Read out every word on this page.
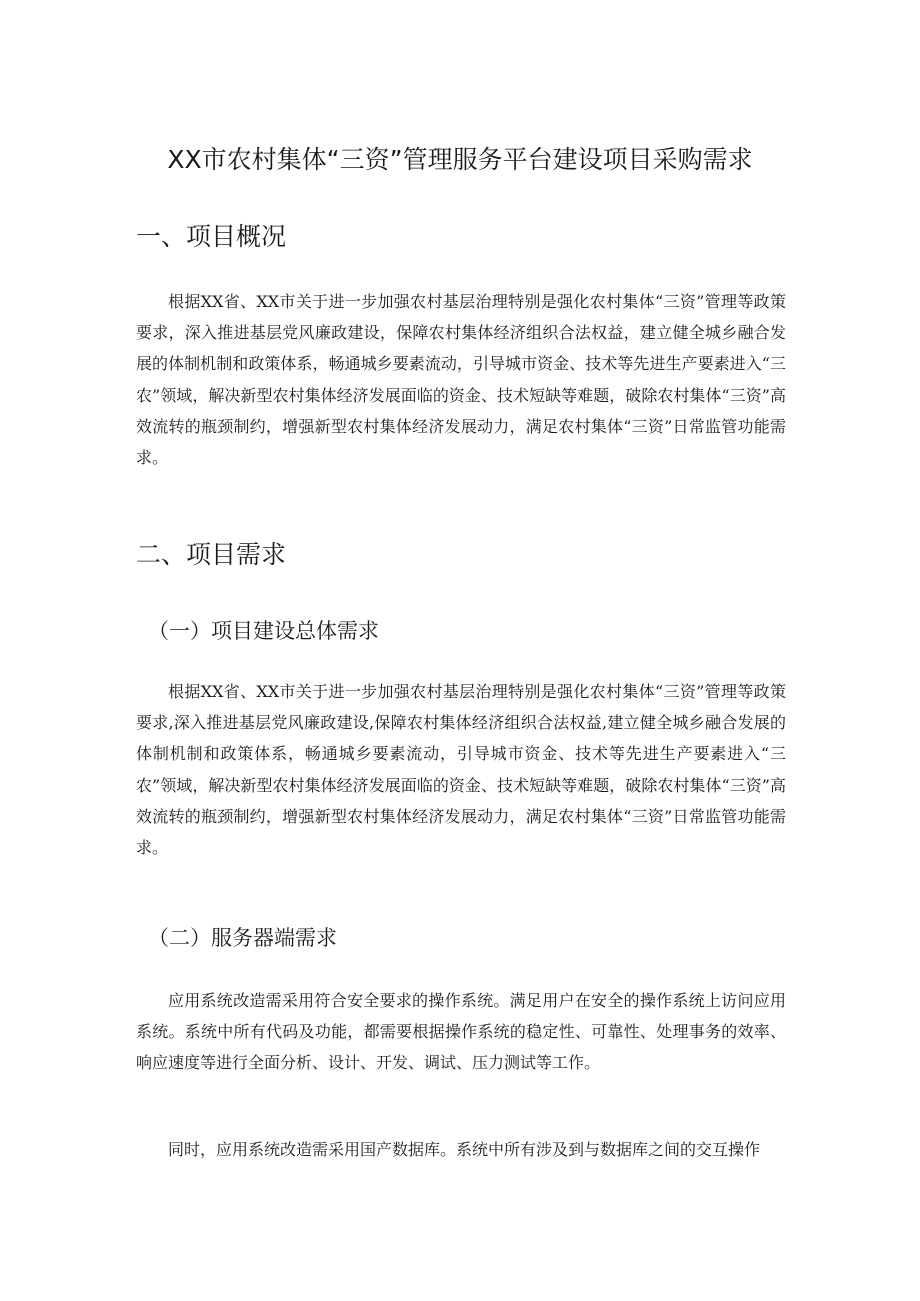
XX市农村集体“三资”管理服务平台建设项目采购需求
一、项目概况

根据XX省、XX市关于进一步加强农村基层治理特别是强化农村集体“三资”管理等政策要求，深入推进基层党风廉政建设，保障农村集体经济组织合法权益，建立健全城乡融合发展的体制机制和政策体系，畅通城乡要素流动，引导城市资金、技术等先进生产要素进入“三农”领域，解决新型农村集体经济发展面临的资金、技术短缺等难题，破除农村集体“三资”高效流转的瓶颈制约，增强新型农村集体经济发展动力，满足农村集体“三资”日常监管功能需求。

二、项目需求
（一）项目建设总体需求

根据XX省、XX市关于进一步加强农村基层治理特别是强化农村集体“三资”管理等政策要求,深入推进基层党风廉政建设,保障农村集体经济组织合法权益,建立健全城乡融合发展的体制机制和政策体系，畅通城乡要素流动，引导城市资金、技术等先进生产要素进入“三农”领域，解决新型农村集体经济发展面临的资金、技术短缺等难题，破除农村集体“三资”高效流转的瓶颈制约，增强新型农村集体经济发展动力，满足农村集体“三资”日常监管功能需求。

（二）服务器端需求

应用系统改造需采用符合安全要求的操作系统。满足用户在安全的操作系统上访问应用系统。系统中所有代码及功能，都需要根据操作系统的稳定性、可靠性、处理事务的效率、响应速度等进行全面分析、设计、开发、调试、压力测试等工作。

同时，应用系统改造需采用国产数据库。系统中所有涉及到与数据库之间的交互操作
